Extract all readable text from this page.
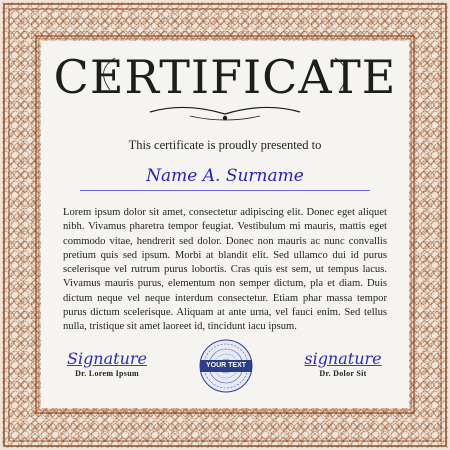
CERTIFICATE
This certificate is proudly presented to
Name A. Surname
Lorem ipsum dolor sit amet, consectetur adipiscing elit. Donec eget aliquet nibh. Vivamus pharetra tempor feugiat. Vestibulum mi mauris, mattis eget commodo vitae, hendrerit sed dolor. Donec non mauris ac nunc convallis pretium quis sed ipsum. Morbi at blandit elit. Sed ullamco dui id purus scelerisque vel rutrum purus lobortis. Cras quis est sem, ut tempus lacus. Vivamus mauris purus, elementum non semper dictum, pla et diam. Duis dictum neque vel neque interdum consectetur. Etiam phar massa tempor purus dictum scelerisque. Aliquam at ante urna, vel fauci enim. Sed tellus nulla, tristique sit amet laoreet id, tincidunt iacu ipsum.
Signature
Dr. Lorem Ipsum
YOUR TEXT	signature
Dr. Dolor Sit
